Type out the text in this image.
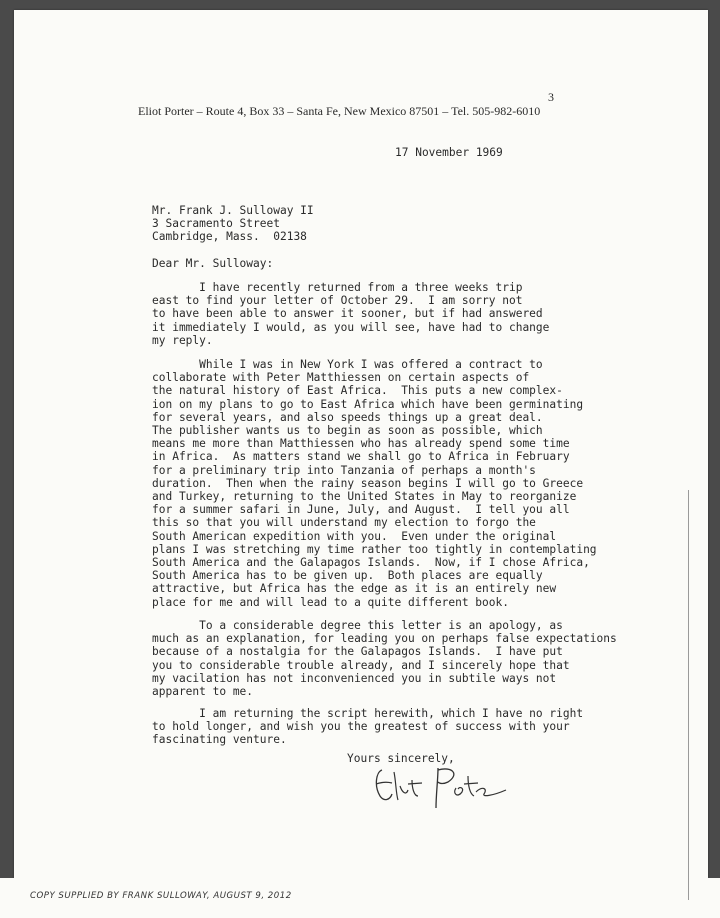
3
Eliot Porter – Route 4, Box 33 – Santa Fe, New Mexico 87501 – Tel. 505-982-6010
17 November 1969
Mr. Frank J. Sulloway II
3 Sacramento Street
Cambridge, Mass.  02138
Dear Mr. Sulloway:
I have recently returned from a three weeks trip
east to find your letter of October 29.  I am sorry not
to have been able to answer it sooner, but if had answered
it immediately I would, as you will see, have had to change
my reply.
While I was in New York I was offered a contract to
collaborate with Peter Matthiessen on certain aspects of
the natural history of East Africa.  This puts a new complex-
ion on my plans to go to East Africa which have been germinating
for several years, and also speeds things up a great deal.
The publisher wants us to begin as soon as possible, which
means me more than Matthiessen who has already spend some time
in Africa.  As matters stand we shall go to Africa in February
for a preliminary trip into Tanzania of perhaps a month's
duration.  Then when the rainy season begins I will go to Greece
and Turkey, returning to the United States in May to reorganize
for a summer safari in June, July, and August.  I tell you all
this so that you will understand my election to forgo the
South American expedition with you.  Even under the original
plans I was stretching my time rather too tightly in contemplating
South America and the Galapagos Islands.  Now, if I chose Africa,
South America has to be given up.  Both places are equally
attractive, but Africa has the edge as it is an entirely new
place for me and will lead to a quite different book.
To a considerable degree this letter is an apology, as
much as an explanation, for leading you on perhaps false expectations
because of a nostalgia for the Galapagos Islands.  I have put
you to considerable trouble already, and I sincerely hope that
my vacilation has not inconvenienced you in subtile ways not
apparent to me.
I am returning the script herewith, which I have no right
to hold longer, and wish you the greatest of success with your
fascinating venture.
Yours sincerely,
COPY SUPPLIED BY FRANK SULLOWAY, AUGUST 9, 2012
